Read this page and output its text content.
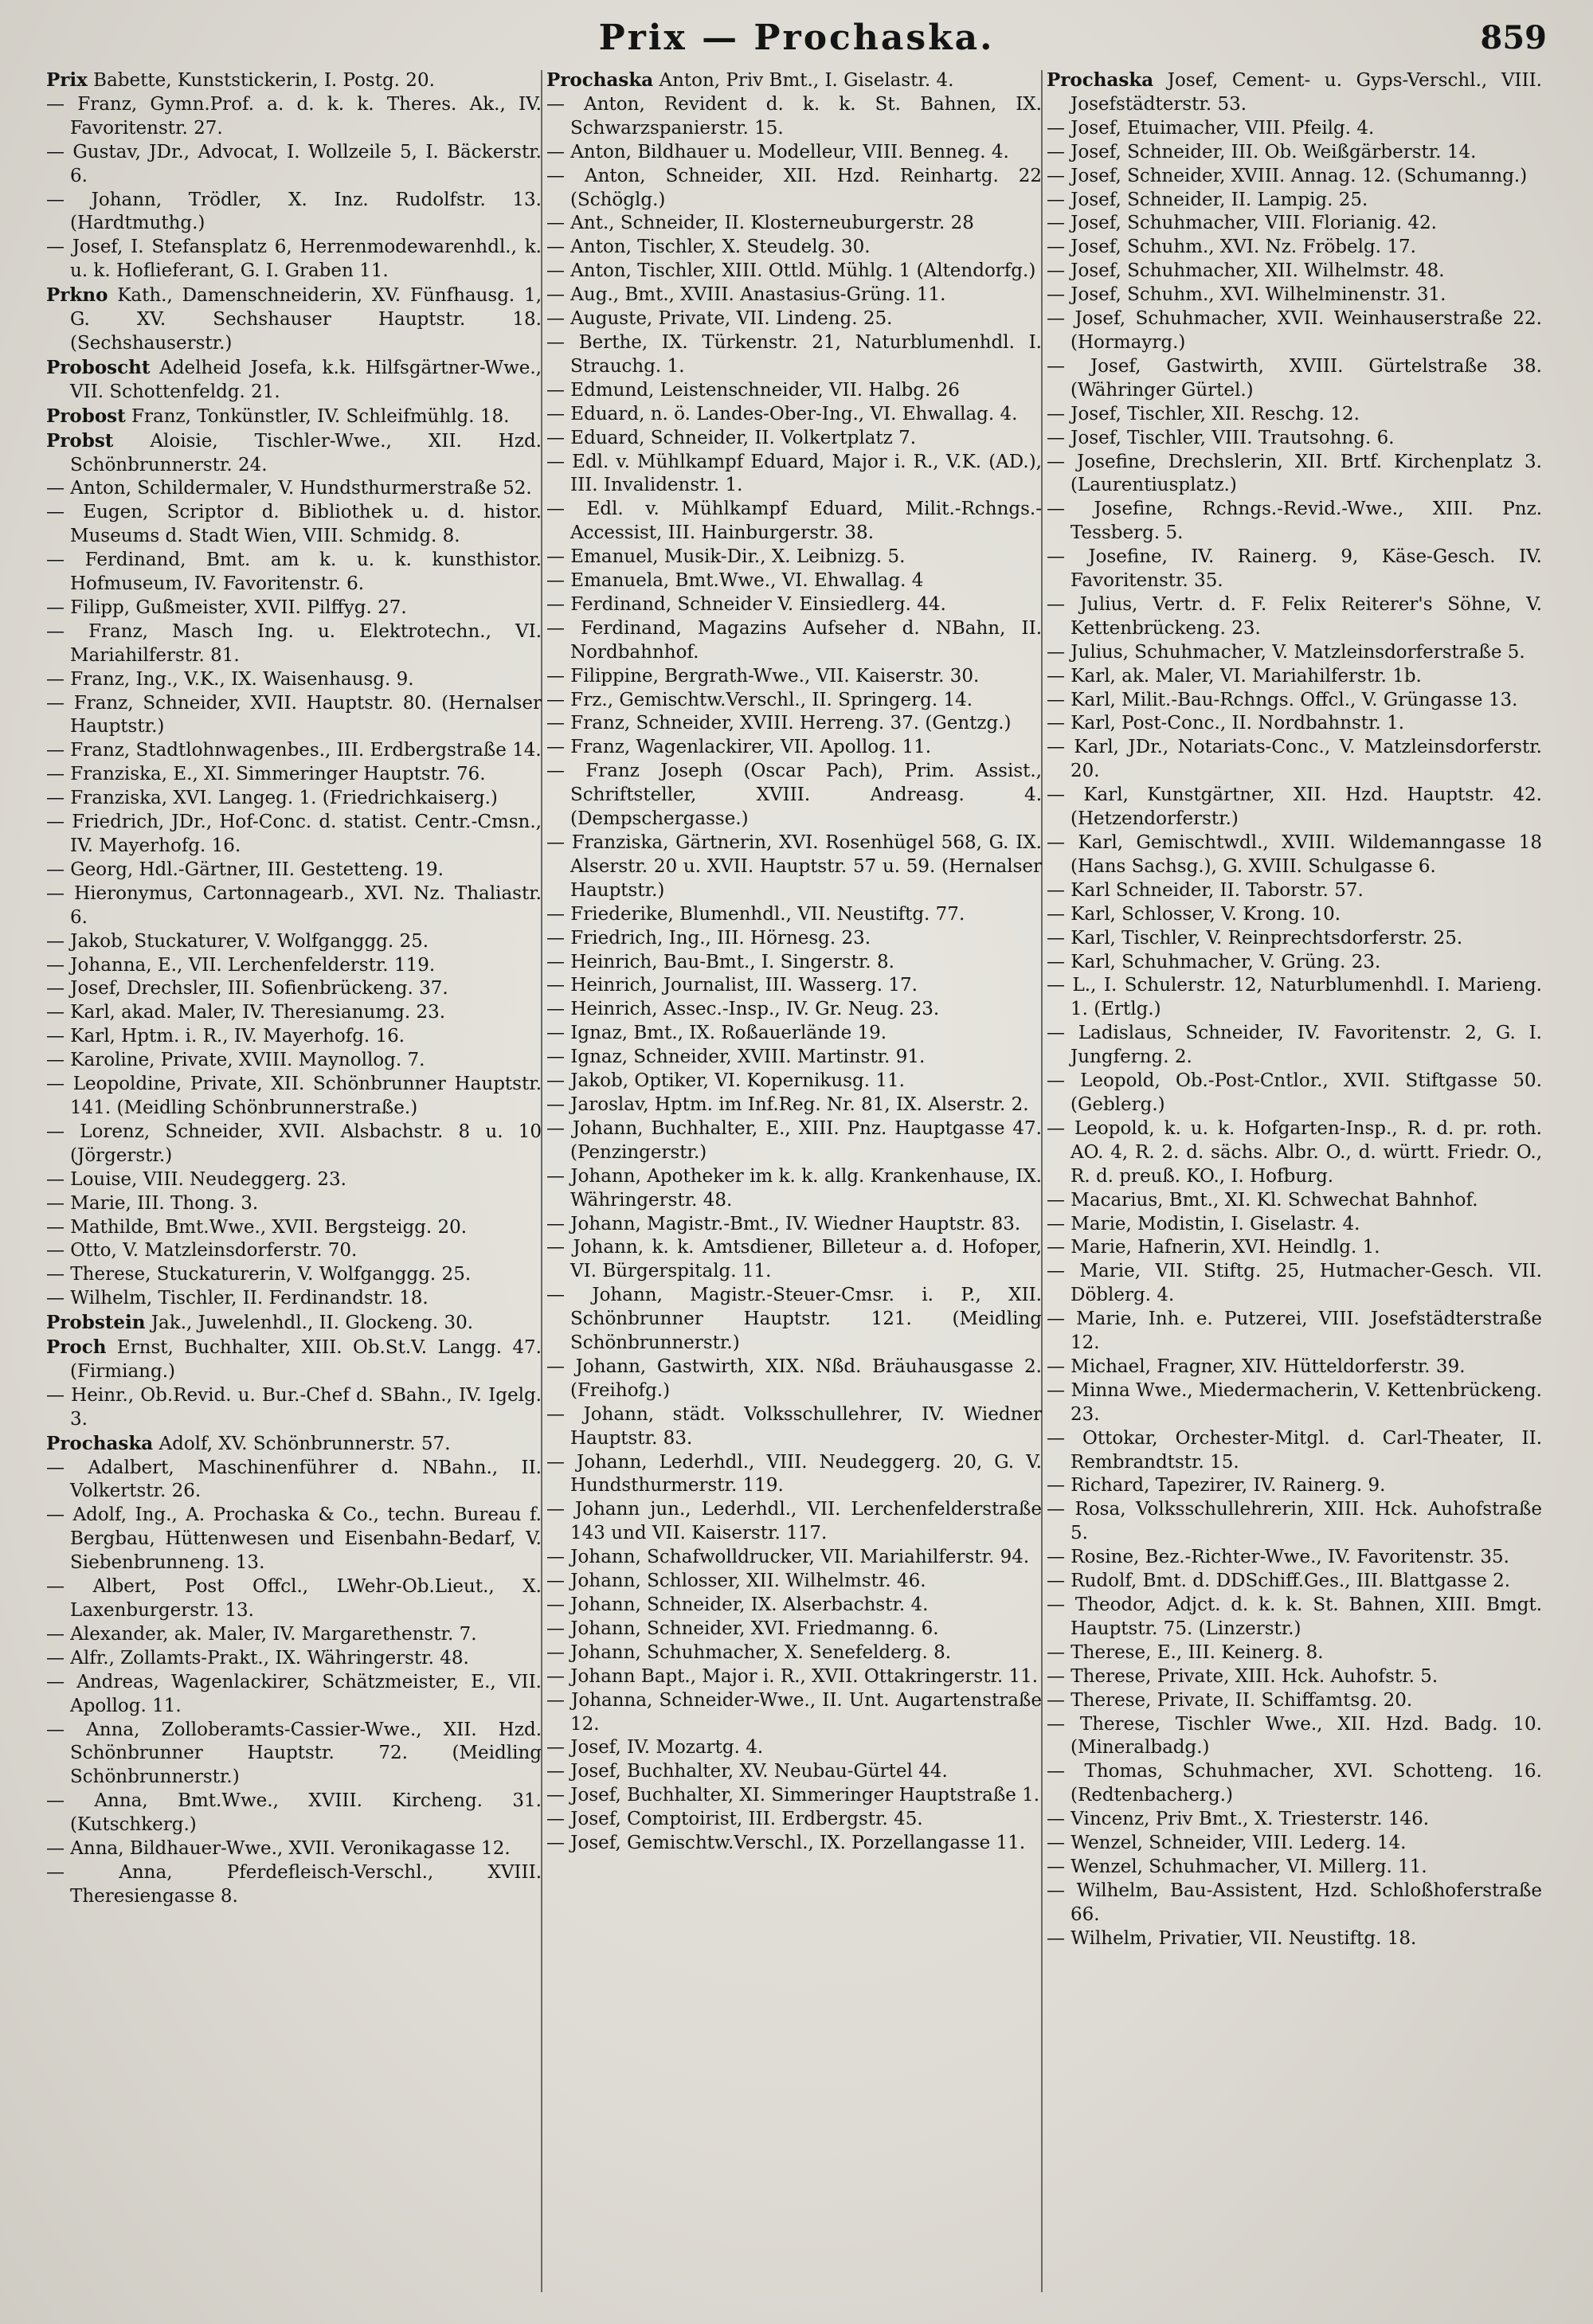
Prix — Prochaska.	859

Prix Babette, Kunststickerin, I. Postg. 20.

— Franz, Gymn.Prof. a. d. k. k. Theres. Ak., IV. Favoritenstr. 27.

— Gustav, JDr., Advocat, I. Wollzeile 5, I. Bäckerstr. 6.

— Johann, Trödler, X. Inz. Rudolfstr. 13. (Hardtmuthg.)

— Josef, I. Stefansplatz 6, Herrenmodewarenhdl., k. u. k. Hoflieferant, G. I. Graben 11.

Prkno Kath., Damenschneiderin, XV. Fünfhausg. 1, G. XV. Sechshauser Hauptstr. 18. (Sechshauserstr.)

Proboscht Adelheid Josefa, k.k. Hilfsgärtner-Wwe., VII. Schottenfeldg. 21.

Probost Franz, Tonkünstler, IV. Schleifmühlg. 18.

Probst Aloisie, Tischler-Wwe., XII. Hzd. Schönbrunnerstr. 24.

— Anton, Schildermaler, V. Hundsthurmerstraße 52.

— Eugen, Scriptor d. Bibliothek u. d. histor. Museums d. Stadt Wien, VIII. Schmidg. 8.

— Ferdinand, Bmt. am k. u. k. kunsthistor. Hofmuseum, IV. Favoritenstr. 6.

— Filipp, Gußmeister, XVII. Pilffyg. 27.

— Franz, Masch Ing. u. Elektrotechn., VI. Mariahilferstr. 81.

— Franz, Ing., V.K., IX. Waisenhausg. 9.

— Franz, Schneider, XVII. Hauptstr. 80. (Hernalser Hauptstr.)

— Franz, Stadtlohnwagenbes., III. Erdbergstraße 14.

— Franziska, E., XI. Simmeringer Hauptstr. 76.

— Franziska, XVI. Langeg. 1. (Friedrichkaiserg.)

— Friedrich, JDr., Hof-Conc. d. statist. Centr.-Cmsn., IV. Mayerhofg. 16.

— Georg, Hdl.-Gärtner, III. Gestetteng. 19.

— Hieronymus, Cartonnagearb., XVI. Nz. Thaliastr. 6.

— Jakob, Stuckaturer, V. Wolfganggg. 25.

— Johanna, E., VII. Lerchenfelderstr. 119.

— Josef, Drechsler, III. Sofienbrückeng. 37.

— Karl, akad. Maler, IV. Theresianumg. 23.

— Karl, Hptm. i. R., IV. Mayerhofg. 16.

— Karoline, Private, XVIII. Maynollog. 7.

— Leopoldine, Private, XII. Schönbrunner Hauptstr. 141. (Meidling Schönbrunnerstraße.)

— Lorenz, Schneider, XVII. Alsbachstr. 8 u. 10 (Jörgerstr.)

— Louise, VIII. Neudeggerg. 23.

— Marie, III. Thong. 3.

— Mathilde, Bmt.Wwe., XVII. Bergsteigg. 20.

— Otto, V. Matzleinsdorferstr. 70.

— Therese, Stuckaturerin, V. Wolfganggg. 25.

— Wilhelm, Tischler, II. Ferdinandstr. 18.

Probstein Jak., Juwelenhdl., II. Glockeng. 30.

Proch Ernst, Buchhalter, XIII. Ob.St.V. Langg. 47. (Firmiang.)

— Heinr., Ob.Revid. u. Bur.-Chef d. SBahn., IV. Igelg. 3.

Prochaska Adolf, XV. Schönbrunnerstr. 57.

— Adalbert, Maschinenführer d. NBahn., II. Volkertstr. 26.

— Adolf, Ing., A. Prochaska & Co., techn. Bureau f. Bergbau, Hüttenwesen und Eisenbahn-Bedarf, V. Siebenbrunneng. 13.

— Albert, Post Offcl., LWehr-Ob.Lieut., X. Laxenburgerstr. 13.

— Alexander, ak. Maler, IV. Margarethenstr. 7.

— Alfr., Zollamts-Prakt., IX. Währingerstr. 48.

— Andreas, Wagenlackirer, Schätzmeister, E., VII. Apollog. 11.

— Anna, Zolloberamts-Cassier-Wwe., XII. Hzd. Schönbrunner Hauptstr. 72. (Meidling Schönbrunnerstr.)

— Anna, Bmt.Wwe., XVIII. Kircheng. 31. (Kutschkerg.)

— Anna, Bildhauer-Wwe., XVII. Veronikagasse 12.

— Anna, Pferdefleisch-Verschl., XVIII. Theresiengasse 8.

Prochaska Anton, Priv Bmt., I. Giselastr. 4.

— Anton, Revident d. k. k. St. Bahnen, IX. Schwarzspanierstr. 15.

— Anton, Bildhauer u. Modelleur, VIII. Benneg. 4.

— Anton, Schneider, XII. Hzd. Reinhartg. 22 (Schöglg.)

— Ant., Schneider, II. Klosterneuburgerstr. 28

— Anton, Tischler, X. Steudelg. 30.

— Anton, Tischler, XIII. Ottld. Mühlg. 1 (Altendorfg.)

— Aug., Bmt., XVIII. Anastasius-Grüng. 11.

— Auguste, Private, VII. Lindeng. 25.

— Berthe, IX. Türkenstr. 21, Naturblumenhdl. I. Strauchg. 1.

— Edmund, Leistenschneider, VII. Halbg. 26

— Eduard, n. ö. Landes-Ober-Ing., VI. Ehwallag. 4.

— Eduard, Schneider, II. Volkertplatz 7.

— Edl. v. Mühlkampf Eduard, Major i. R., V.K. (AD.), III. Invalidenstr. 1.

— Edl. v. Mühlkampf Eduard, Milit.-Rchngs.-Accessist, III. Hainburgerstr. 38.

— Emanuel, Musik-Dir., X. Leibnizg. 5.

— Emanuela, Bmt.Wwe., VI. Ehwallag. 4

— Ferdinand, Schneider V. Einsiedlerg. 44.

— Ferdinand, Magazins Aufseher d. NBahn, II. Nordbahnhof.

— Filippine, Bergrath-Wwe., VII. Kaiserstr. 30.

— Frz., Gemischtw.Verschl., II. Springerg. 14.

— Franz, Schneider, XVIII. Herreng. 37. (Gentzg.)

— Franz, Wagenlackirer, VII. Apollog. 11.

— Franz Joseph (Oscar Pach), Prim. Assist., Schriftsteller, XVIII. Andreasg. 4. (Dempschergasse.)

— Franziska, Gärtnerin, XVI. Rosenhügel 568, G. IX. Alserstr. 20 u. XVII. Hauptstr. 57 u. 59. (Hernalser Hauptstr.)

— Friederike, Blumenhdl., VII. Neustiftg. 77.

— Friedrich, Ing., III. Hörnesg. 23.

— Heinrich, Bau-Bmt., I. Singerstr. 8.

— Heinrich, Journalist, III. Wasserg. 17.

— Heinrich, Assec.-Insp., IV. Gr. Neug. 23.

— Ignaz, Bmt., IX. Roßauerlände 19.

— Ignaz, Schneider, XVIII. Martinstr. 91.

— Jakob, Optiker, VI. Kopernikusg. 11.

— Jaroslav, Hptm. im Inf.Reg. Nr. 81, IX. Alserstr. 2.

— Johann, Buchhalter, E., XIII. Pnz. Hauptgasse 47. (Penzingerstr.)

— Johann, Apotheker im k. k. allg. Krankenhause, IX. Währingerstr. 48.

— Johann, Magistr.-Bmt., IV. Wiedner Hauptstr. 83.

— Johann, k. k. Amtsdiener, Billeteur a. d. Hofoper, VI. Bürgerspitalg. 11.

— Johann, Magistr.-Steuer-Cmsr. i. P., XII. Schönbrunner Hauptstr. 121. (Meidling Schönbrunnerstr.)

— Johann, Gastwirth, XIX. Nßd. Bräuhausgasse 2. (Freihofg.)

— Johann, städt. Volksschullehrer, IV. Wiedner Hauptstr. 83.

— Johann, Lederhdl., VIII. Neudeggerg. 20, G. V. Hundsthurmerstr. 119.

— Johann jun., Lederhdl., VII. Lerchenfelderstraße 143 und VII. Kaiserstr. 117.

— Johann, Schafwolldrucker, VII. Mariahilferstr. 94.

— Johann, Schlosser, XII. Wilhelmstr. 46.

— Johann, Schneider, IX. Alserbachstr. 4.

— Johann, Schneider, XVI. Friedmanng. 6.

— Johann, Schuhmacher, X. Senefelderg. 8.

— Johann Bapt., Major i. R., XVII. Ottakringerstr. 11.

— Johanna, Schneider-Wwe., II. Unt. Augartenstraße 12.

— Josef, IV. Mozartg. 4.

— Josef, Buchhalter, XV. Neubau-Gürtel 44.

— Josef, Buchhalter, XI. Simmeringer Hauptstraße 1.

— Josef, Comptoirist, III. Erdbergstr. 45.

— Josef, Gemischtw.Verschl., IX. Porzellangasse 11.

Prochaska Josef, Cement- u. Gyps-Verschl., VIII. Josefstädterstr. 53.

— Josef, Etuimacher, VIII. Pfeilg. 4.

— Josef, Schneider, III. Ob. Weißgärberstr. 14.

— Josef, Schneider, XVIII. Annag. 12. (Schumanng.)

— Josef, Schneider, II. Lampig. 25.

— Josef, Schuhmacher, VIII. Florianig. 42.

— Josef, Schuhm., XVI. Nz. Fröbelg. 17.

— Josef, Schuhmacher, XII. Wilhelmstr. 48.

— Josef, Schuhm., XVI. Wilhelminenstr. 31.

— Josef, Schuhmacher, XVII. Weinhauserstraße 22. (Hormayrg.)

— Josef, Gastwirth, XVIII. Gürtelstraße 38. (Währinger Gürtel.)

— Josef, Tischler, XII. Reschg. 12.

— Josef, Tischler, VIII. Trautsohng. 6.

— Josefine, Drechslerin, XII. Brtf. Kirchenplatz 3. (Laurentiusplatz.)

— Josefine, Rchngs.-Revid.-Wwe., XIII. Pnz. Tessberg. 5.

— Josefine, IV. Rainerg. 9, Käse-Gesch. IV. Favoritenstr. 35.

— Julius, Vertr. d. F. Felix Reiterer's Söhne, V. Kettenbrückeng. 23.

— Julius, Schuhmacher, V. Matzleinsdorferstraße 5.

— Karl, ak. Maler, VI. Mariahilferstr. 1b.

— Karl, Milit.-Bau-Rchngs. Offcl., V. Grüngasse 13.

— Karl, Post-Conc., II. Nordbahnstr. 1.

— Karl, JDr., Notariats-Conc., V. Matzleinsdorferstr. 20.

— Karl, Kunstgärtner, XII. Hzd. Hauptstr. 42. (Hetzendorferstr.)

— Karl, Gemischtwdl., XVIII. Wildemanngasse 18 (Hans Sachsg.), G. XVIII. Schulgasse 6.

— Karl Schneider, II. Taborstr. 57.

— Karl, Schlosser, V. Krong. 10.

— Karl, Tischler, V. Reinprechtsdorferstr. 25.

— Karl, Schuhmacher, V. Grüng. 23.

— L., I. Schulerstr. 12, Naturblumenhdl. I. Marieng. 1. (Ertlg.)

— Ladislaus, Schneider, IV. Favoritenstr. 2, G. I. Jungferng. 2.

— Leopold, Ob.-Post-Cntlor., XVII. Stiftgasse 50. (Geblerg.)

— Leopold, k. u. k. Hofgarten-Insp., R. d. pr. roth. AO. 4, R. 2. d. sächs. Albr. O., d. württ. Friedr. O., R. d. preuß. KO., I. Hofburg.

— Macarius, Bmt., XI. Kl. Schwechat Bahnhof.

— Marie, Modistin, I. Giselastr. 4.

— Marie, Hafnerin, XVI. Heindlg. 1.

— Marie, VII. Stiftg. 25, Hutmacher-Gesch. VII. Döblerg. 4.

— Marie, Inh. e. Putzerei, VIII. Josefstädterstraße 12.

— Michael, Fragner, XIV. Hütteldorferstr. 39.

— Minna Wwe., Miedermacherin, V. Kettenbrückeng. 23.

— Ottokar, Orchester-Mitgl. d. Carl-Theater, II. Rembrandtstr. 15.

— Richard, Tapezirer, IV. Rainerg. 9.

— Rosa, Volksschullehrerin, XIII. Hck. Auhofstraße 5.

— Rosine, Bez.-Richter-Wwe., IV. Favoritenstr. 35.

— Rudolf, Bmt. d. DDSchiff.Ges., III. Blattgasse 2.

— Theodor, Adjct. d. k. k. St. Bahnen, XIII. Bmgt. Hauptstr. 75. (Linzerstr.)

— Therese, E., III. Keinerg. 8.

— Therese, Private, XIII. Hck. Auhofstr. 5.

— Therese, Private, II. Schiffamtsg. 20.

— Therese, Tischler Wwe., XII. Hzd. Badg. 10. (Mineralbadg.)

— Thomas, Schuhmacher, XVI. Schotteng. 16. (Redtenbacherg.)

— Vincenz, Priv Bmt., X. Triesterstr. 146.

— Wenzel, Schneider, VIII. Lederg. 14.

— Wenzel, Schuhmacher, VI. Millerg. 11.

— Wilhelm, Bau-Assistent, Hzd. Schloßhoferstraße 66.

— Wilhelm, Privatier, VII. Neustiftg. 18.
